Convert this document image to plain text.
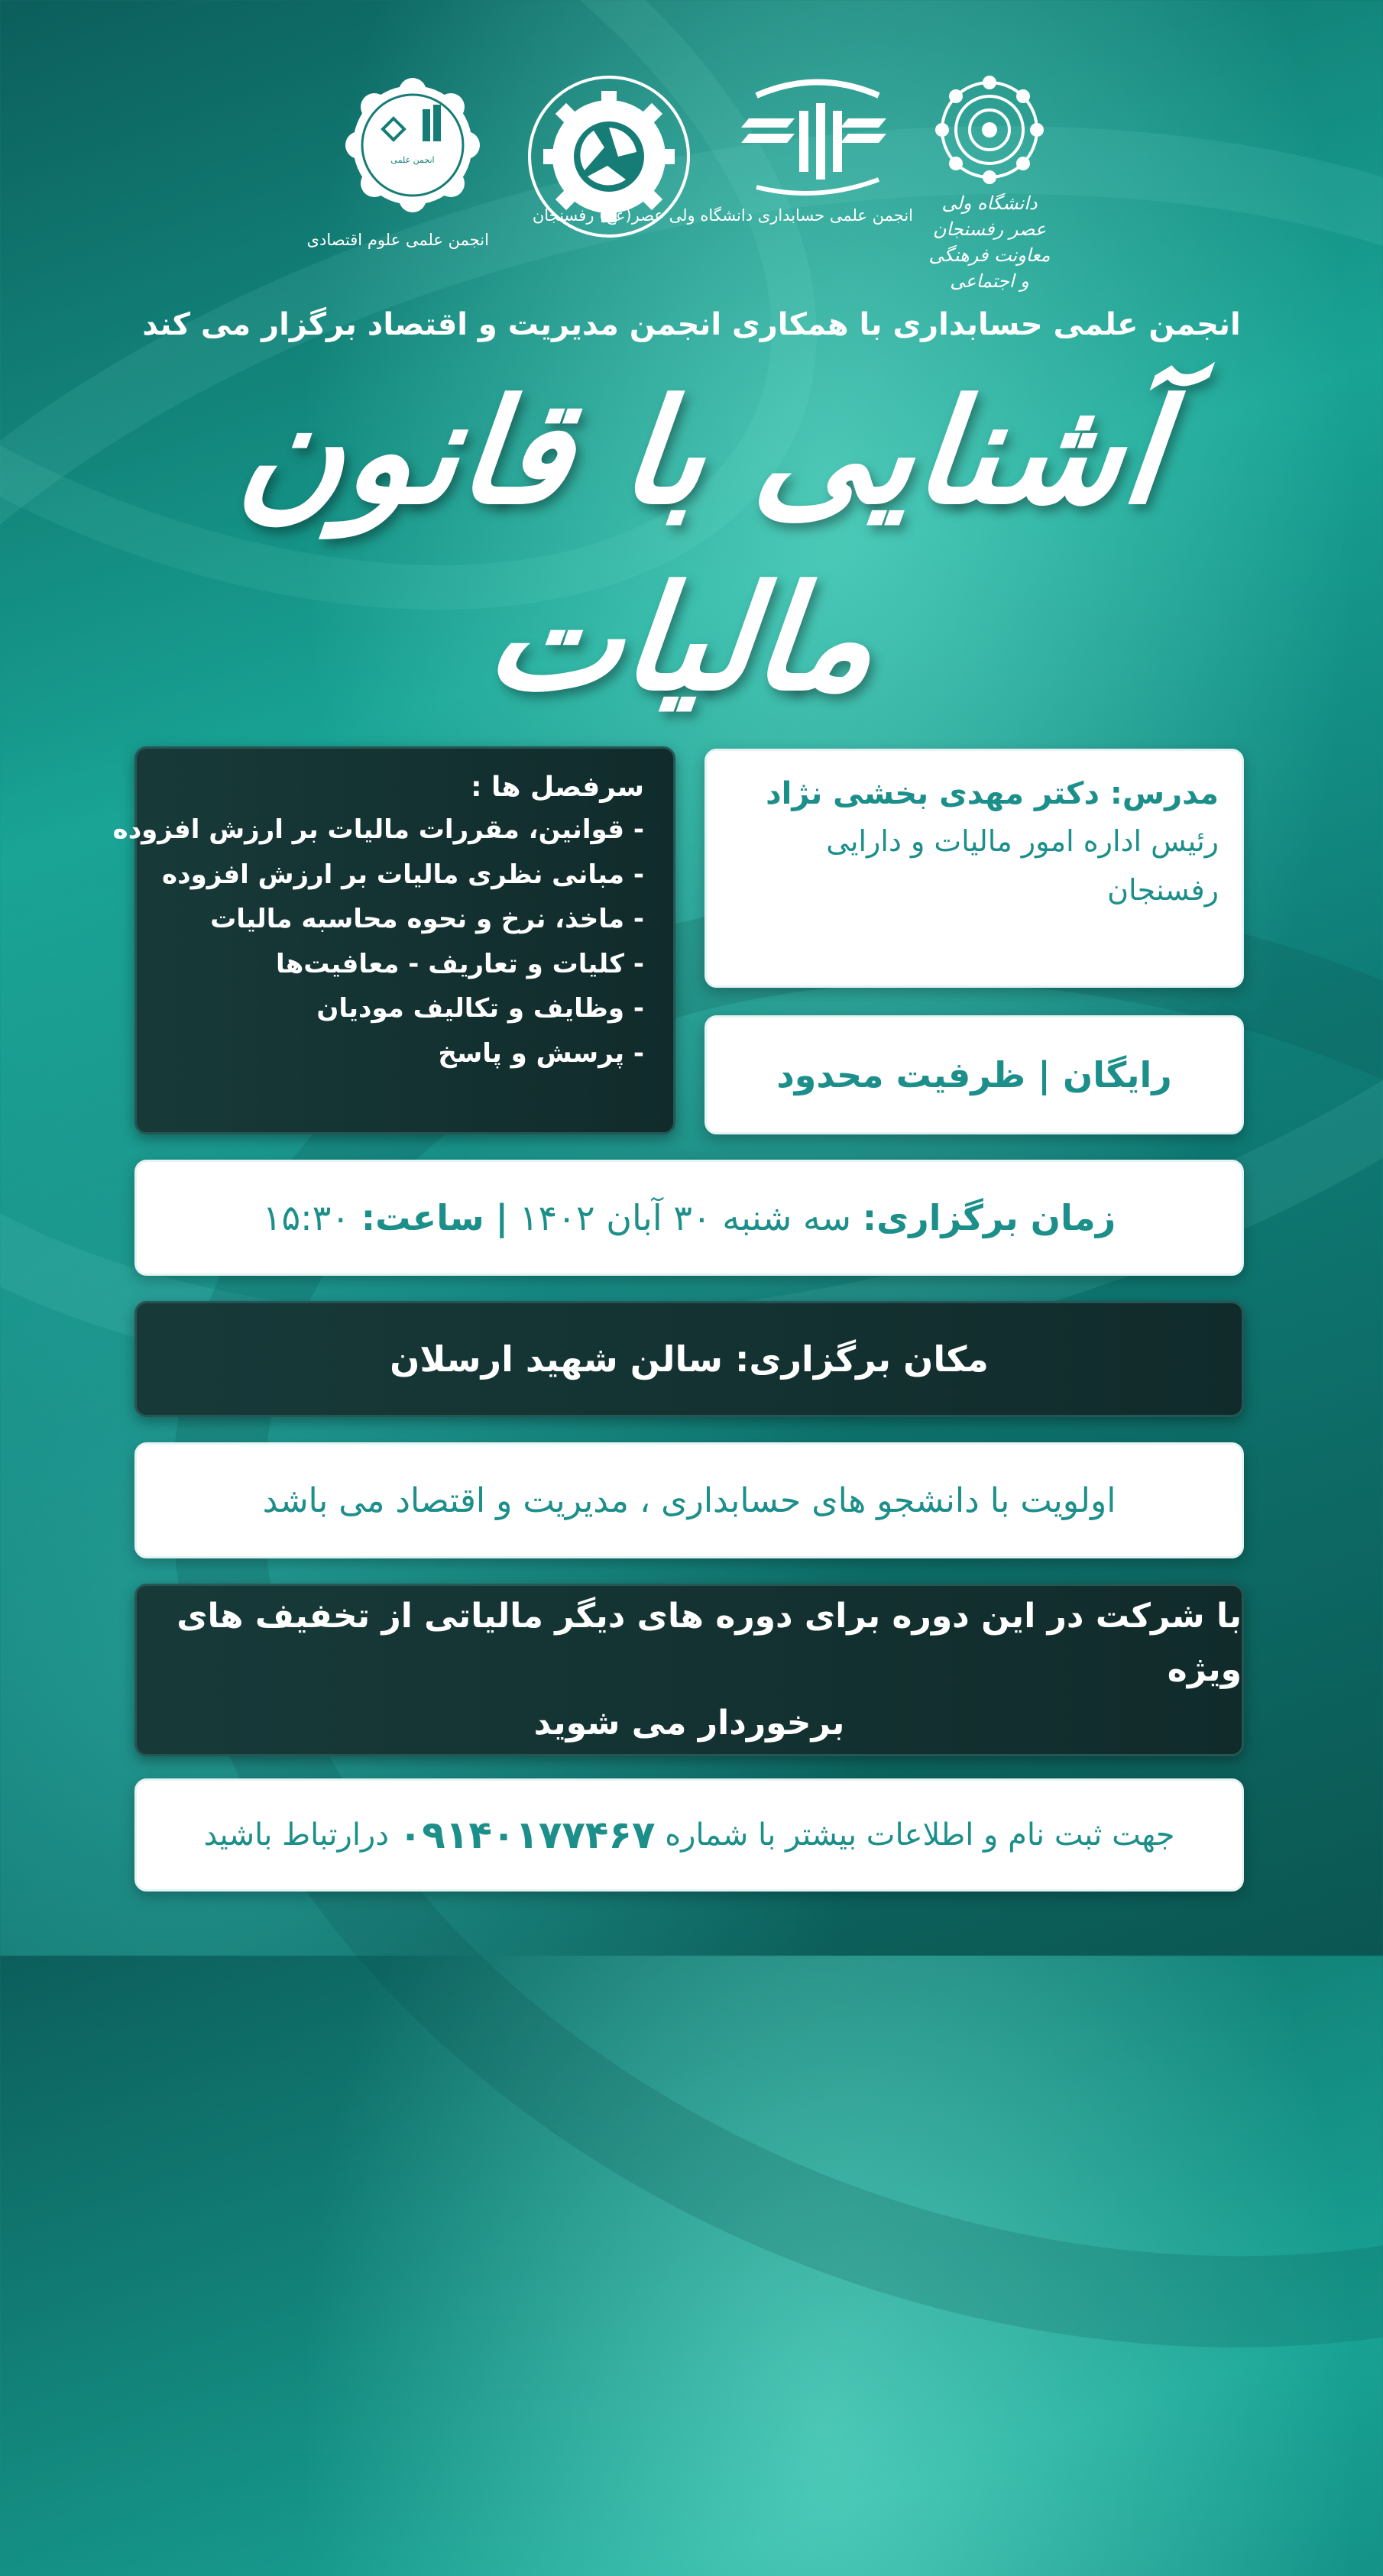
انجمن علمی
انجمن علمی علوم اقتصادی
انجمن علمی حسابداری دانشگاه ولی عصر(عج) رفسنجان
دانشگاه ولی عصر رفسنجان معاونت فرهنگی و اجتماعی
انجمن علمی حسابداری با همکاری انجمن مدیریت و اقتصاد برگزار می کند
آشنایی با قانون مالیات
سرفصل ها :
- قوانین، مقررات مالیات بر ارزش افزوده
- مبانی نظری مالیات بر ارزش افزوده
- ماخذ، نرخ و نحوه محاسبه مالیات
- کلیات و تعاریف - معافیت‌ها
- وظایف و تکالیف مودیان
- پرسش و پاسخ
مدرس: دکتر مهدی بخشی نژاد
رئیس اداره امور مالیات و دارایی
رفسنجان
رایگان | ظرفیت محدود
زمان برگزاری:

سه شنبه ۳۰ آبان ۱۴۰۲

|

ساعت:

۱۵:۳۰
مکان برگزاری:

سالن شهید ارسلان
اولویت با دانشجو های حسابداری ، مدیریت و اقتصاد می باشد
با شرکت در این دوره برای دوره های دیگر مالیاتی از تخفیف های ویژه
برخوردار می شوید
جهت ثبت نام و اطلاعات بیشتر با شماره

۰۹۱۴۰۱۷۷۴۶۷

درارتباط باشید
